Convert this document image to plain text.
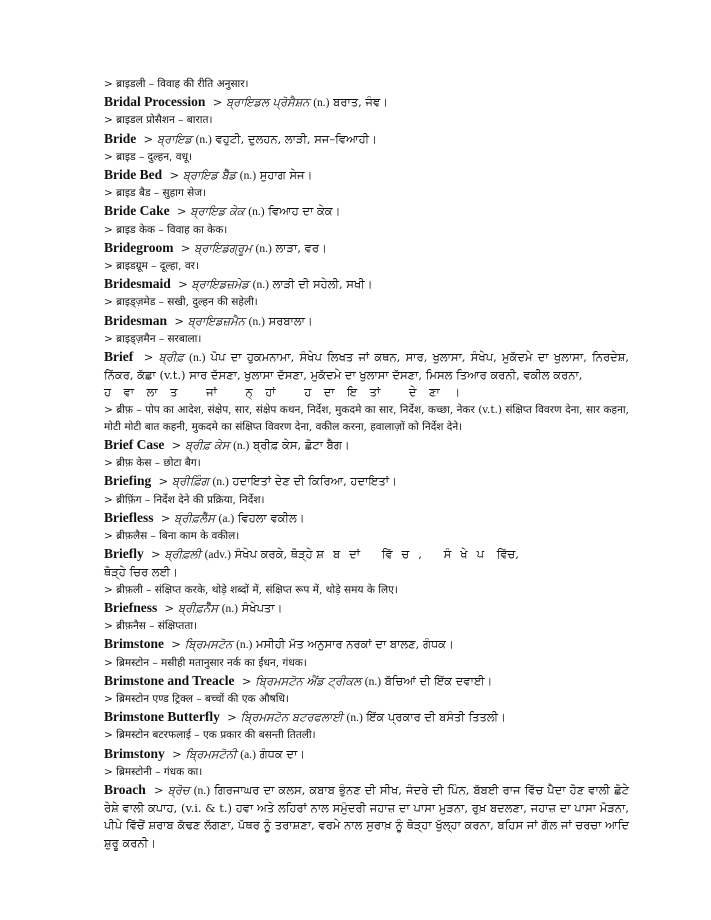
> ब्राइडली – विवाह की रीति अनुसार।
Bridal Procession  > ਬ੍ਰਾਇਡਲ ਪ੍ਰੋਸੈਸ਼ਨ (n.) ਬਰਾਤ, ਜੰਞ।
> ब्राइडल प्रोसैशन – बारात।
Bride  > ਬ੍ਰਾਇਡ (n.) ਵਹੁਟੀ, ਦੁਲਹਨ, ਲਾੜੀ, ਸਜ–ਵਿਆਹੀ।
> ब्राइड – दुल्हन, वधू।
Bride Bed  > ਬ੍ਰਾਇਡ ਬੈੱਡ (n.) ਸੁਹਾਗ ਸੇਜ।
> ब्राइड बैड – सुहाग सेज।
Bride Cake  > ਬ੍ਰਾਇਡ ਕੇਕ (n.) ਵਿਆਹ ਦਾ ਕੇਕ।
> ब्राइड केक – विवाह का केक।
Bridegroom  > ਬ੍ਰਾਇਡਗ੍ਰੂਮ (n.) ਲਾੜਾ, ਵਰ।
> ब्राइडग्रूम – दूल्हा, वर।
Bridesmaid  > ਬ੍ਰਾਇਡਜ਼ਮੇਡ (n.) ਲਾੜੀ ਦੀ ਸਹੇਲੀ, ਸਖੀ।
> ब्राइड्ज़मेड – सखी, दुल्हन की सहेली।
Bridesman  > ਬ੍ਰਾਇਡਜ਼ਮੈਨ (n.) ਸਰਬਾਲਾ।
> ब्राइड्ज़मैन – सरबाला।
Brief  > ਬ੍ਰੀਫ਼ (n.) ਪੋਪ ਦਾ ਹੁਕਮਨਾਮਾ, ਸੰਖੇਪ ਲਿਖਤ ਜਾਂ ਕਥਨ, ਸਾਰ, ਖੁਲਾਸਾ, ਸੰਖੇਪ, ਮੁਕੱਦਮੇ ਦਾ ਖੁਲਾਸਾ, ਨਿਰਦੇਸ਼, ਨਿੱਕਰ, ਕੱਛਾ (v.t.) ਸਾਰ ਦੱਸਣਾ, ਖੁਲਾਸਾ ਦੱਸਣਾ, ਮੁਕੱਦਮੇ ਦਾ ਖੁਲਾਸਾ ਦੱਸਣਾ, ਮਿਸਲ ਤਿਆਰ ਕਰਨੀ, ਵਕੀਲ ਕਰਨਾ,
ਹਵਾਲਾਤ ਜਾਂ ਨ੍ਹਾਂ ਹਦਾਇਤਾਂ ਦੇਣਾ।
> ब्रीफ़ – पोप का आदेश, संक्षेप, सार, संक्षेप कथन, निर्देश, मुकदमे का सार, निर्देश, कच्छा, नेकर (v.t.) संक्षिप्त विवरण देना, सार कहना, मोटी मोटी बात कहनी, मुकदमे का संक्षिप्त विवरण देना, वकील करना, हवालाज़ों को निर्देश देने।
Brief Case  > ਬ੍ਰੀਫ਼ ਕੇਸ (n.) ਬ੍ਰੀਫ਼ ਕੇਸ, ਛੋਟਾ ਬੈਗ।
> ब्रीफ़ केस – छोटा बैग।
Briefing  > ਬ੍ਰੀਫ਼ਿੰਗ (n.) ਹਦਾਇਤਾਂ ਦੇਣ ਦੀ ਕਿਰਿਆ, ਹਦਾਇਤਾਂ।
> ब्रीफ़िंग – निर्देश देने की प्रक्रिया, निर्देश।
Briefless  > ਬ੍ਰੀਫ਼ਲੈੱਸ (a.) ਵਿਹਲਾ ਵਕੀਲ।
> ब्रीफ़लैस – बिना काम के वकील।
Briefly  > ਬ੍ਰੀਫ਼ਲੀ (adv.) ਸੰਖੇਪ ਕਰਕੇ, ਥੋੜ੍ਹੇ ਸ਼ਬਦਾਂ ਵਿੱਚ, ਸੰਖੇਪ ਵਿੱਚ,
ਥੋੜ੍ਹੇ ਚਿਰ ਲਈ।
> ब्रीफ़ली – संक्षिप्त करके, थोड़े शब्दों में, संक्षिप्त रूप में, थोड़े समय के लिए।
Briefness  > ਬ੍ਰੀਫ਼ਨੈੱਸ (n.) ਸੰਖੇਪਤਾ।
> ब्रीफ़नैस – संक्षिप्तता।
Brimstone  > ਬ੍ਰਿਮਸਟੋਨ (n.) ਮਸੀਹੀ ਮੱਤ ਅਨੁਸਾਰ ਨਰਕਾਂ ਦਾ ਬਾਲਣ, ਗੰਧਕ।
> ब्रिमस्टोन – मसीही मतानुसार नर्क का ईंधन, गंधक।
Brimstone and Treacle  > ਬ੍ਰਿਮਸਟੋਨ ਐਂਡ ਟ੍ਰੀਕਲ (n.) ਬੱਚਿਆਂ ਦੀ ਇੱਕ ਦਵਾਈ।
> ब्रिमस्टोन एण्ड ट्रिक्ल – बच्चों की एक औषधि।
Brimstone Butterfly  > ਬ੍ਰਿਮਸਟੋਨ ਬਟਰਫਲਾਈ (n.) ਇੱਕ ਪ੍ਰਕਾਰ ਦੀ ਬਸੰਤੀ ਤਿਤਲੀ।
> ब्रिमस्टोन बटरफलाई – एक प्रकार की बसन्ती तितली।
Brimstony  > ਬ੍ਰਿਮਸਟੋਨੀ (a.) ਗੰਧਕ ਦਾ।
> ब्रिमस्टोनी – गंधक का।
Broach  > ਬ੍ਰੋਚ (n.) ਗਿਰਜਾਘਰ ਦਾ ਕਲਸ, ਕਬਾਬ ਭੁੰਨਣ ਦੀ ਸੀਖ, ਜੰਦਰੇ ਦੀ ਪਿੰਨ, ਬੱਬਈ ਰਾਜ ਵਿੱਚ ਪੈਦਾ ਹੋਣ ਵਾਲੀ ਛੋਟੇ ਰੇਸ਼ੇ ਵਾਲੀ ਕਪਾਹ, (v.i. & t.) ਹਵਾ ਅਤੇ ਲਹਿਰਾਂ ਨਾਲ ਸਮੁੰਦਰੀ ਜਹਾਜ਼ ਦਾ ਪਾਸਾ ਮੁੜਨਾ, ਰੁਖ਼ ਬਦਲਣਾ, ਜਹਾਜ਼ ਦਾ ਪਾਸਾ ਮੋੜਨਾ, ਪੀਪੇ ਵਿੱਚੋਂ ਸ਼ਰਾਬ ਕੱਢਣ ਲੱਗਣਾ, ਪੱਥਰ ਨੂੰ ਤਰਾਸ਼ਣਾ, ਵਰਮੇ ਨਾਲ ਸੁਰਾਖ਼ ਨੂੰ ਥੋੜ੍ਹਾ ਖੁੱਲ੍ਹਾ ਕਰਨਾ, ਬਹਿਸ ਜਾਂ ਗੱਲ ਜਾਂ ਚਰਚਾ ਆਦਿ ਸ਼ੁਰੂ ਕਰਨੀ।
